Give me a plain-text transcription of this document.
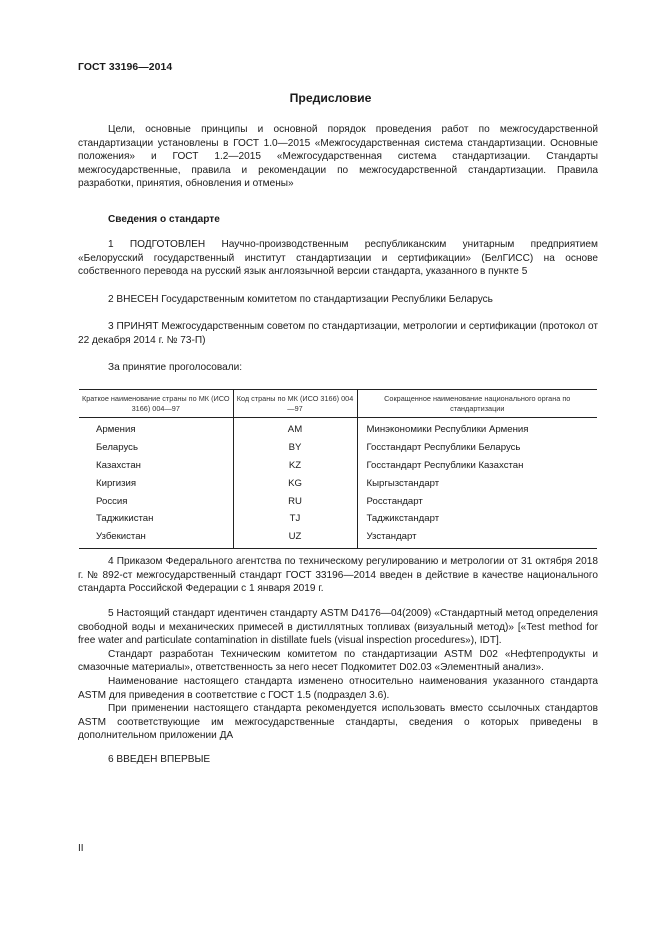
ГОСТ 33196—2014
Предисловие

Цели, основные принципы и основной порядок проведения работ по межгосударственной стандартизации установлены в ГОСТ 1.0—2015 «Межгосударственная система стандартизации. Основные положения» и ГОСТ 1.2—2015 «Межгосударственная система стандартизации. Стандарты межгосударственные, правила и рекомендации по межгосударственной стандартизации. Правила разработки, принятия, обновления и отмены»

Сведения о стандарте

1 ПОДГОТОВЛЕН Научно-производственным республиканским унитарным предприятием «Белорусский государственный институт стандартизации и сертификации» (БелГИСС) на основе собственного перевода на русский язык англоязычной версии стандарта, указанного в пункте 5

2 ВНЕСЕН Государственным комитетом по стандартизации Республики Беларусь

3 ПРИНЯТ Межгосударственным советом по стандартизации, метрологии и сертификации (протокол от 22 декабря 2014 г. № 73-П)

За принятие проголосовали:

Краткое наименование страны по МК (ИСО 3166) 004—97	Код страны по МК (ИСО 3166) 004—97	Сокращенное наименование национального органа по стандартизации
Армения	AM	Минэкономики Республики Армения
Беларусь	BY	Госстандарт Республики Беларусь
Казахстан	KZ	Госстандарт Республики Казахстан
Киргизия	KG	Кыргызстандарт
Россия	RU	Росстандарт
Таджикистан	TJ	Таджикстандарт
Узбекистан	UZ	Узстандарт

4 Приказом Федерального агентства по техническому регулированию и метрологии от 31 октября 2018 г. № 892-ст межгосударственный стандарт ГОСТ 33196—2014 введен в действие в качестве национального стандарта Российской Федерации с 1 января 2019 г.

5 Настоящий стандарт идентичен стандарту ASTM D4176—04(2009) «Стандартный метод определения свободной воды и механических примесей в дистиллятных топливах (визуальный метод)» [«Test method for free water and particulate contamination in distillate fuels (visual inspection procedures»), IDT].

Стандарт разработан Техническим комитетом по стандартизации ASTM D02 «Нефтепродукты и смазочные материалы», ответственность за него несет Подкомитет D02.03 «Элементный анализ».

Наименование настоящего стандарта изменено относительно наименования указанного стандарта ASTM для приведения в соответствие с ГОСТ 1.5 (подраздел 3.6).

При применении настоящего стандарта рекомендуется использовать вместо ссылочных стандартов ASTM соответствующие им межгосударственные стандарты, сведения о которых приведены в дополнительном приложении ДА

6 ВВЕДЕН ВПЕРВЫЕ

II
